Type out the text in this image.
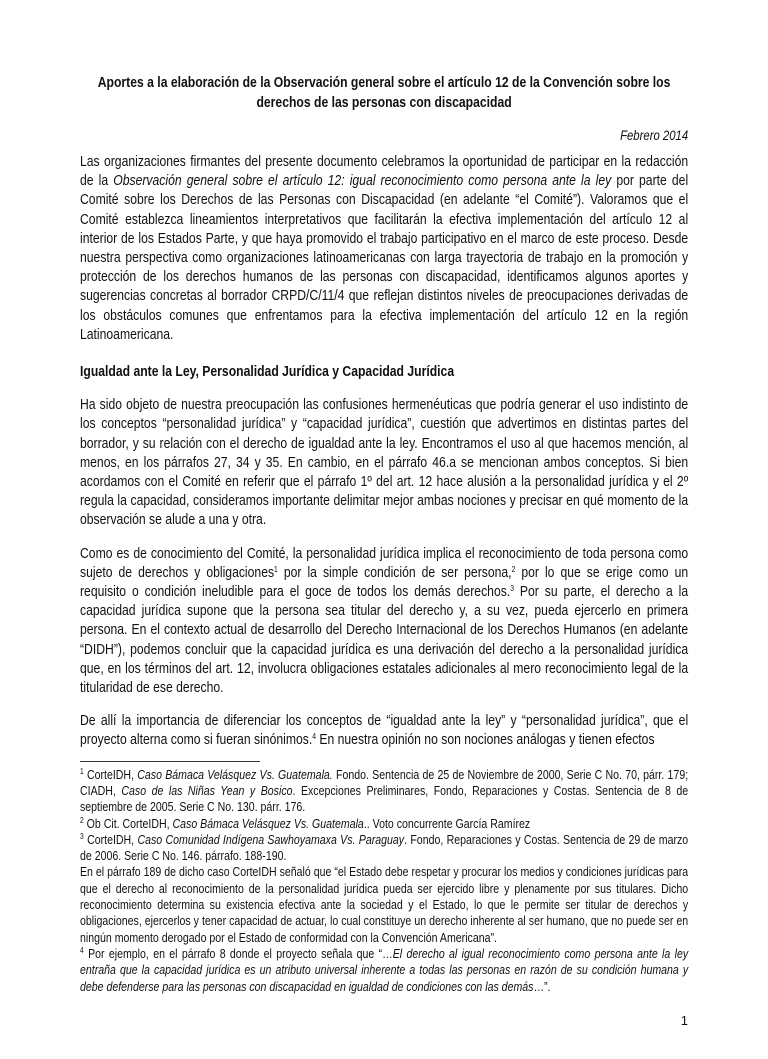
Aportes a la elaboración de la Observación general sobre el artículo 12 de la Convención sobre los derechos de las personas con discapacidad
Febrero 2014

Las organizaciones firmantes del presente documento celebramos la oportunidad de participar en la redacción de la Observación general sobre el artículo 12: igual reconocimiento como persona ante la ley por parte del Comité sobre los Derechos de las Personas con Discapacidad (en adelante “el Comité”). Valoramos que el Comité establezca lineamientos interpretativos que facilitarán la efectiva implementación del artículo 12 al interior de los Estados Parte, y que haya promovido el trabajo participativo en el marco de este proceso. Desde nuestra perspectiva como organizaciones latinoamericanas con larga trayectoria de trabajo en la promoción y protección de los derechos humanos de las personas con discapacidad, identificamos algunos aportes y sugerencias concretas al borrador CRPD/C/11/4 que reflejan distintos niveles de preocupaciones derivadas de los obstáculos comunes que enfrentamos para la efectiva implementación del artículo 12 en la región Latinoamericana.

Igualdad ante la Ley, Personalidad Jurídica y Capacidad Jurídica

Ha sido objeto de nuestra preocupación las confusiones hermenéuticas que podría generar el uso indistinto de los conceptos “personalidad jurídica” y “capacidad jurídica”, cuestión que advertimos en distintas partes del borrador, y su relación con el derecho de igualdad ante la ley. Encontramos el uso al que hacemos mención, al menos, en los párrafos 27, 34 y 35. En cambio, en el párrafo 46.a se mencionan ambos conceptos. Si bien acordamos con el Comité en referir que el párrafo 1º del art. 12 hace alusión a la personalidad jurídica y el 2º regula la capacidad, consideramos importante delimitar mejor ambas nociones y precisar en qué momento de la observación se alude a una y otra.

Como es de conocimiento del Comité, la personalidad jurídica implica el reconocimiento de toda persona como sujeto de derechos y obligaciones$^1$ por la simple condición de ser persona,$^2$ por lo que se erige como un requisito o condición ineludible para el goce de todos los demás derechos.$^3$ Por su parte, el derecho a la capacidad jurídica supone que la persona sea titular del derecho y, a su vez, pueda ejercerlo en primera persona. En el contexto actual de desarrollo del Derecho Internacional de los Derechos Humanos (en adelante “DIDH”), podemos concluir que la capacidad jurídica es una derivación del derecho a la personalidad jurídica que, en los términos del art. 12, involucra obligaciones estatales adicionales al mero reconocimiento legal de la titularidad de ese derecho.

De allí la importancia de diferenciar los conceptos de “igualdad ante la ley” y “personalidad jurídica”, que el proyecto alterna como si fueran sinónimos.$^4$ En nuestra opinión no son nociones análogas y tienen efectos

$^1$ CorteIDH, Caso Bámaca Velásquez Vs. Guatemala. Fondo. Sentencia de 25 de Noviembre de 2000, Serie C No. 70, párr. 179; CIADH, Caso de las Niñas Yean y Bosico. Excepciones Preliminares, Fondo, Reparaciones y Costas. Sentencia de 8 de septiembre de 2005. Serie C No. 130. párr. 176.

$^2$ Ob Cit. CorteIDH, Caso Bámaca Velásquez Vs. Guatemala.. Voto concurrente García Ramírez

$^3$ CorteIDH, Caso Comunidad Indígena Sawhoyamaxa Vs. Paraguay. Fondo, Reparaciones y Costas. Sentencia de 29 de marzo de 2006. Serie C No. 146. párrafo. 188-190.

En el párrafo 189 de dicho caso CorteIDH señaló que “el Estado debe respetar y procurar los medios y condiciones jurídicas para que el derecho al reconocimiento de la personalidad jurídica pueda ser ejercido libre y plenamente por sus titulares. Dicho reconocimiento determina su existencia efectiva ante la sociedad y el Estado, lo que le permite ser titular de derechos y obligaciones, ejercerlos y tener capacidad de actuar, lo cual constituye un derecho inherente al ser humano, que no puede ser en ningún momento derogado por el Estado de conformidad con la Convención Americana”.

$^4$ Por ejemplo, en el párrafo 8 donde el proyecto señala que “…El derecho al igual reconocimiento como persona ante la ley entraña que la capacidad jurídica es un atributo universal inherente a todas las personas en razón de su condición humana y debe defenderse para las personas con discapacidad en igualdad de condiciones con las demás…”.

1
